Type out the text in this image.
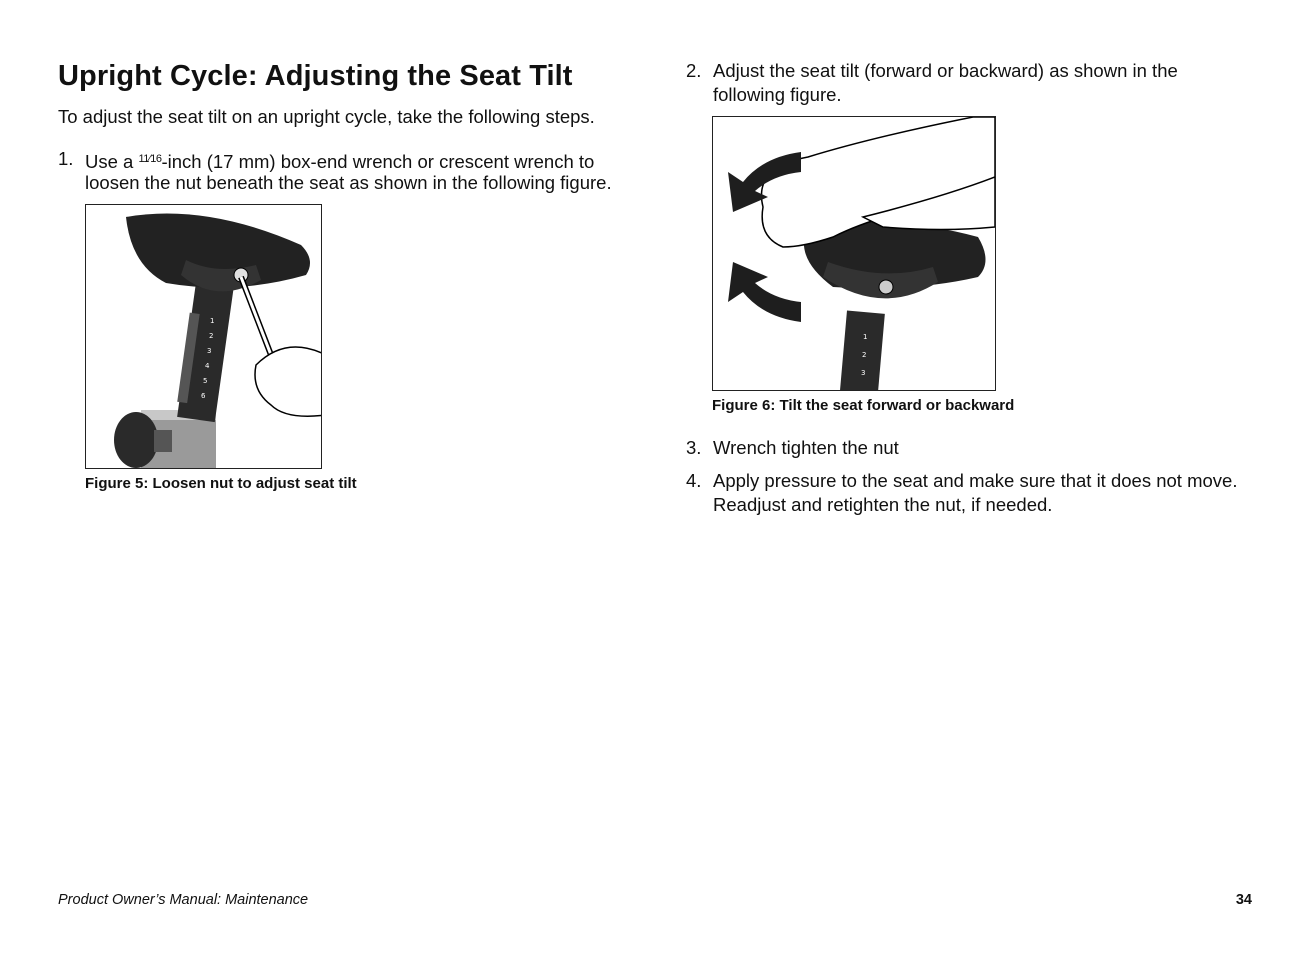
Upright Cycle: Adjusting the Seat Tilt

To adjust the seat tilt on an upright cycle, take the following steps.

1. Use a $^{11⁄16}$-inch (17 mm) box-end wrench or crescent wrench to
loosen the nut beneath the seat as shown in the following figure.
1
2
3
4
5
6
Figure 5: Loosen nut to adjust seat tilt
2. Adjust the seat tilt (forward or backward) as shown in the
following figure.
1
2
3
Figure 6: Tilt the seat forward or backward
3. Wrench tighten the nut
4. Apply pressure to the seat and make sure that it does not move.
Readjust and retighten the nut, if needed.
Product Owner’s Manual: Maintenance	34
